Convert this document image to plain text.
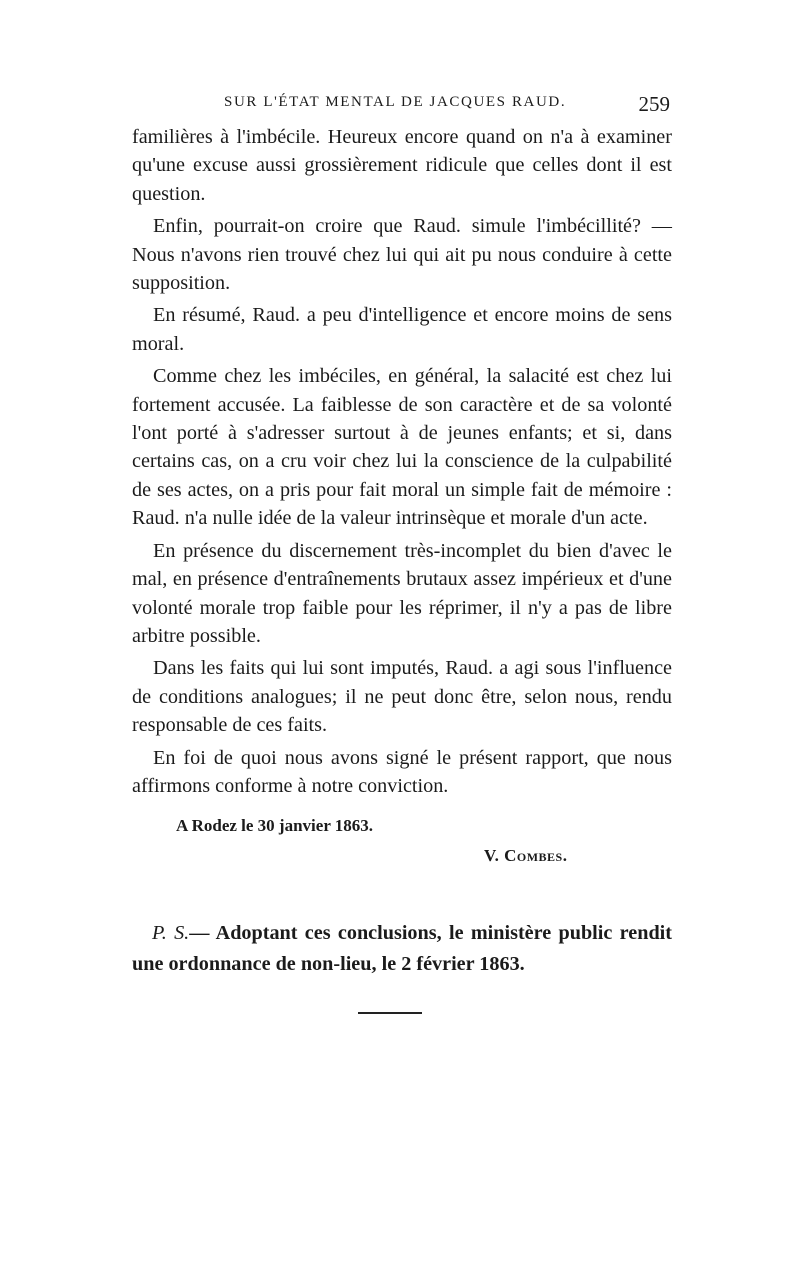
SUR L'ÉTAT MENTAL DE JACQUES RAUD.	259

familières à l'imbécile. Heureux encore quand on n'a à examiner qu'une excuse aussi grossièrement ridicule que celles dont il est question.

Enfin, pourrait-on croire que Raud. simule l'imbécillité? — Nous n'avons rien trouvé chez lui qui ait pu nous conduire à cette supposition.

En résumé, Raud. a peu d'intelligence et encore moins de sens moral.

Comme chez les imbéciles, en général, la salacité est chez lui fortement accusée. La faiblesse de son caractère et de sa volonté l'ont porté à s'adresser surtout à de jeunes enfants; et si, dans certains cas, on a cru voir chez lui la conscience de la culpabilité de ses actes, on a pris pour fait moral un simple fait de mémoire : Raud. n'a nulle idée de la valeur intrinsèque et morale d'un acte.

En présence du discernement très-incomplet du bien d'avec le mal, en présence d'entraînements brutaux assez impérieux et d'une volonté morale trop faible pour les réprimer, il n'y a pas de libre arbitre possible.

Dans les faits qui lui sont imputés, Raud. a agi sous l'influence de conditions analogues; il ne peut donc être, selon nous, rendu responsable de ces faits.

En foi de quoi nous avons signé le présent rapport, que nous affirmons conforme à notre conviction.

A Rodez le 30 janvier 1863.
V. Combes.

P. S.— Adoptant ces conclusions, le ministère public rendit une ordonnance de non-lieu, le 2 février 1863.
